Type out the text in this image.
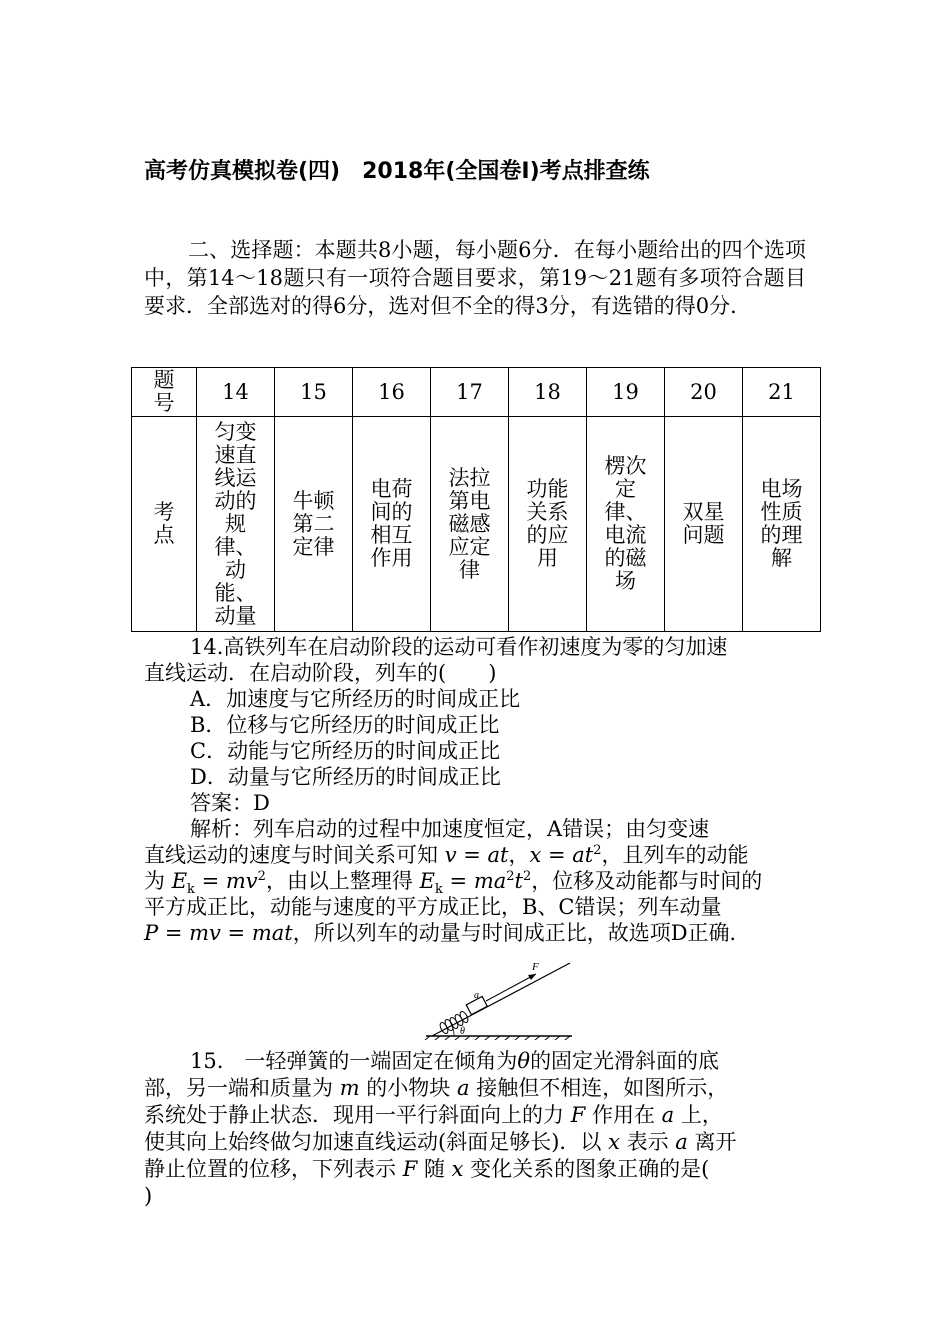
高考仿真模拟卷(四)　2018年(全国卷Ⅰ)考点排查练
二、选择题：本题共8小题，每小题6分．在每小题给出的四个选项中，第14～18题只有一项符合题目要求，第19～21题有多项符合题目要求．全部选对的得6分，选对但不全的得3分，有选错的得0分．
题号	14	15	16	17	18	19	20	21
考点	匀变速直线运动的规律、动能、动量	牛顿第二定律	电荷间的相互作用	法拉第电磁感应定律	功能关系的应用	楞次定律、电流的磁场	双星问题	电场性质的理解
14.高铁列车在启动阶段的运动可看作初速度为零的匀加速
直线运动．在启动阶段，列车的(　　)
A．加速度与它所经历的时间成正比
B．位移与它所经历的时间成正比
C．动能与它所经历的时间成正比
D．动量与它所经历的时间成正比
答案：D
解析：列车启动的过程中加速度恒定，A错误；由匀变速
直线运动的速度与时间关系可知 v = at，$x = at^2$，且列车的动能
为 $E_k = mv^2$，由以上整理得 $E_k = ma^2t^2$，位移及动能都与时间的
平方成正比，动能与速度的平方成正比，B、C错误；列车动量
P = mv = mat，所以列车的动量与时间成正比，故选项D正确．
F
a
θ
15.　一轻弹簧的一端固定在倾角为θ的固定光滑斜面的底
部，另一端和质量为 m 的小物块 a 接触但不相连，如图所示，
系统处于静止状态．现用一平行斜面向上的力 F 作用在 a 上，
使其向上始终做匀加速直线运动(斜面足够长)．以 x 表示 a 离开
静止位置的位移，下列表示 F 随 x 变化关系的图象正确的是(
)
